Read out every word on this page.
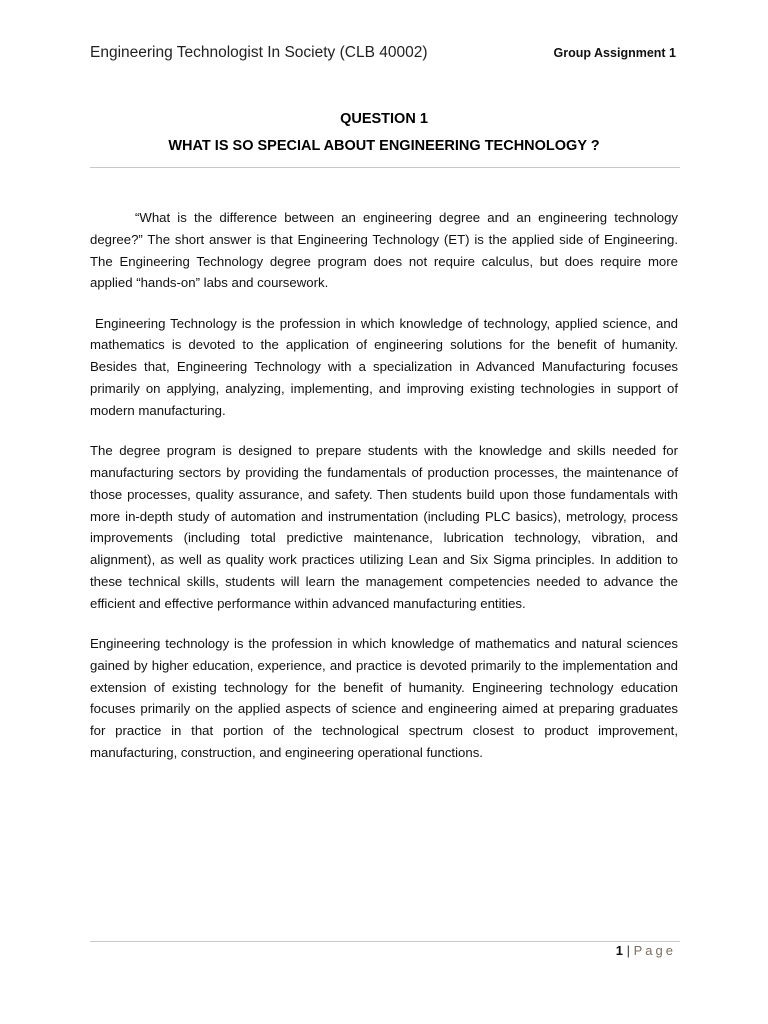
Engineering Technologist In Society (CLB 40002)	Group Assignment 1
QUESTION 1
WHAT IS SO SPECIAL ABOUT ENGINEERING TECHNOLOGY ?

“What is the difference between an engineering degree and an engineering technology degree?” The short answer is that Engineering Technology (ET) is the applied side of Engineering. The Engineering Technology degree program does not require calculus, but does require more applied “hands-on” labs and coursework.

Engineering Technology is the profession in which knowledge of technology, applied science, and mathematics is devoted to the application of engineering solutions for the benefit of humanity. Besides that, Engineering Technology with a specialization in Advanced Manufacturing focuses primarily on applying, analyzing, implementing, and improving existing technologies in support of modern manufacturing.

The degree program is designed to prepare students with the knowledge and skills needed for manufacturing sectors by providing the fundamentals of production processes, the maintenance of those processes, quality assurance, and safety. Then students build upon those fundamentals with more in-depth study of automation and instrumentation (including PLC basics), metrology, process improvements (including total predictive maintenance, lubrication technology, vibration, and alignment), as well as quality work practices utilizing Lean and Six Sigma principles. In addition to these technical skills, students will learn the management competencies needed to advance the efficient and effective performance within advanced manufacturing entities.

Engineering technology is the profession in which knowledge of mathematics and natural sciences gained by higher education, experience, and practice is devoted primarily to the implementation and extension of existing technology for the benefit of humanity. Engineering technology education focuses primarily on the applied aspects of science and engineering aimed at preparing graduates for practice in that portion of the technological spectrum closest to product improvement, manufacturing, construction, and engineering operational functions.

1 | Page
